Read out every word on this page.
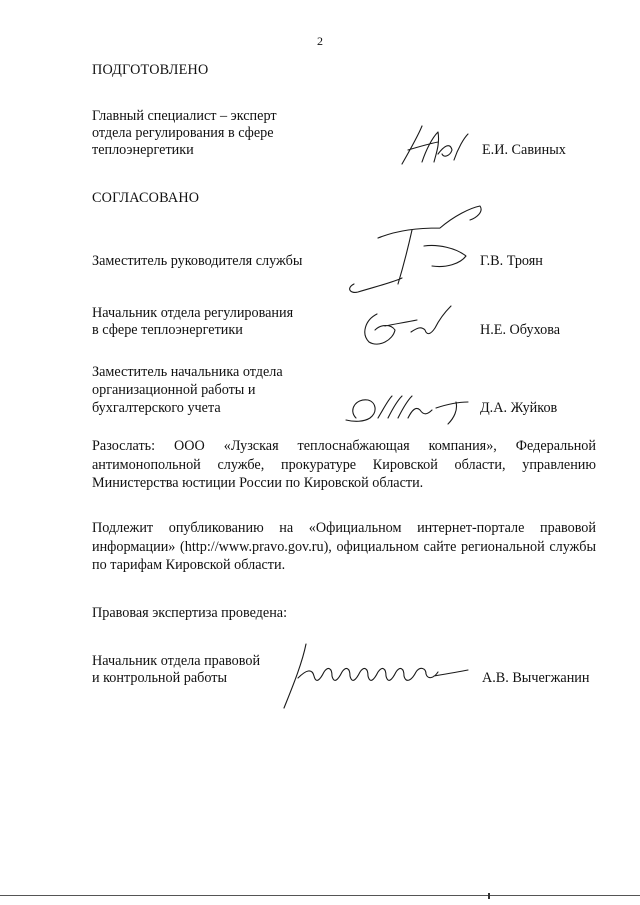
2
ПОДГОТОВЛЕНО
Главный специалист – эксперт
отдела регулирования в сфере
теплоэнергетики	Е.И. Савиных
СОГЛАСОВАНО
Заместитель руководителя службы	Г.В. Троян
Начальник отдела регулирования
в сфере теплоэнергетики	Н.Е. Обухова
Заместитель начальника отдела
организационной работы и
бухгалтерского учета	Д.А. Жуйков
Разослать: ООО «Лузская теплоснабжающая компания», Федеральной антимонопольной службе, прокуратуре Кировской области, управлению Министерства юстиции России по Кировской области.
Подлежит опубликованию на «Официальном интернет-портале правовой информации» (http://www.pravo.gov.ru), официальном сайте региональной службы по тарифам Кировской области.
Правовая экспертиза проведена:
Начальник отдела правовой
и контрольной работы	А.В. Вычегжанин
